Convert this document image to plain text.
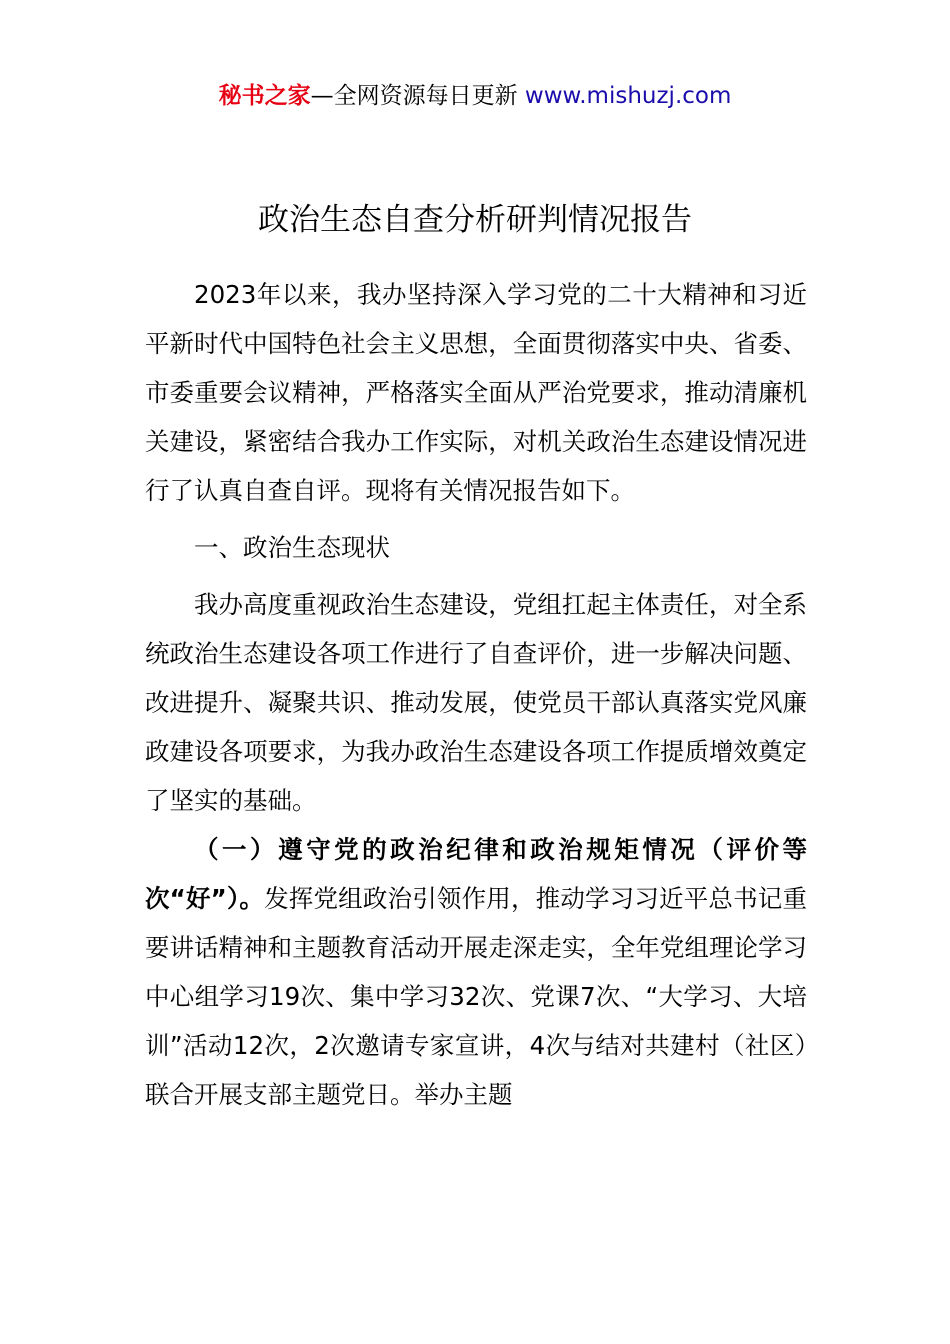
秘书之家—全网资源每日更新 www.mishuzj.com
政治生态自查分析研判情况报告

2023年以来，我办坚持深入学习党的二十大精神和习近平新时代中国特色社会主义思想，全面贯彻落实中央、省委、市委重要会议精神，严格落实全面从严治党要求，推动清廉机关建设，紧密结合我办工作实际，对机关政治生态建设情况进行了认真自查自评。现将有关情况报告如下。

一、政治生态现状

我办高度重视政治生态建设，党组扛起主体责任，对全系统政治生态建设各项工作进行了自查评价，进一步解决问题、改进提升、凝聚共识、推动发展，使党员干部认真落实党风廉政建设各项要求，为我办政治生态建设各项工作提质增效奠定了坚实的基础。

（一）遵守党的政治纪律和政治规矩情况（评价等次“好”）。发挥党组政治引领作用，推动学习习近平总书记重要讲话精神和主题教育活动开展走深走实，全年党组理论学习中心组学习19次、集中学习32次、党课7次、“大学习、大培训”活动12次，2次邀请专家宣讲，4次与结对共建村（社区）联合开展支部主题党日。举办主题
